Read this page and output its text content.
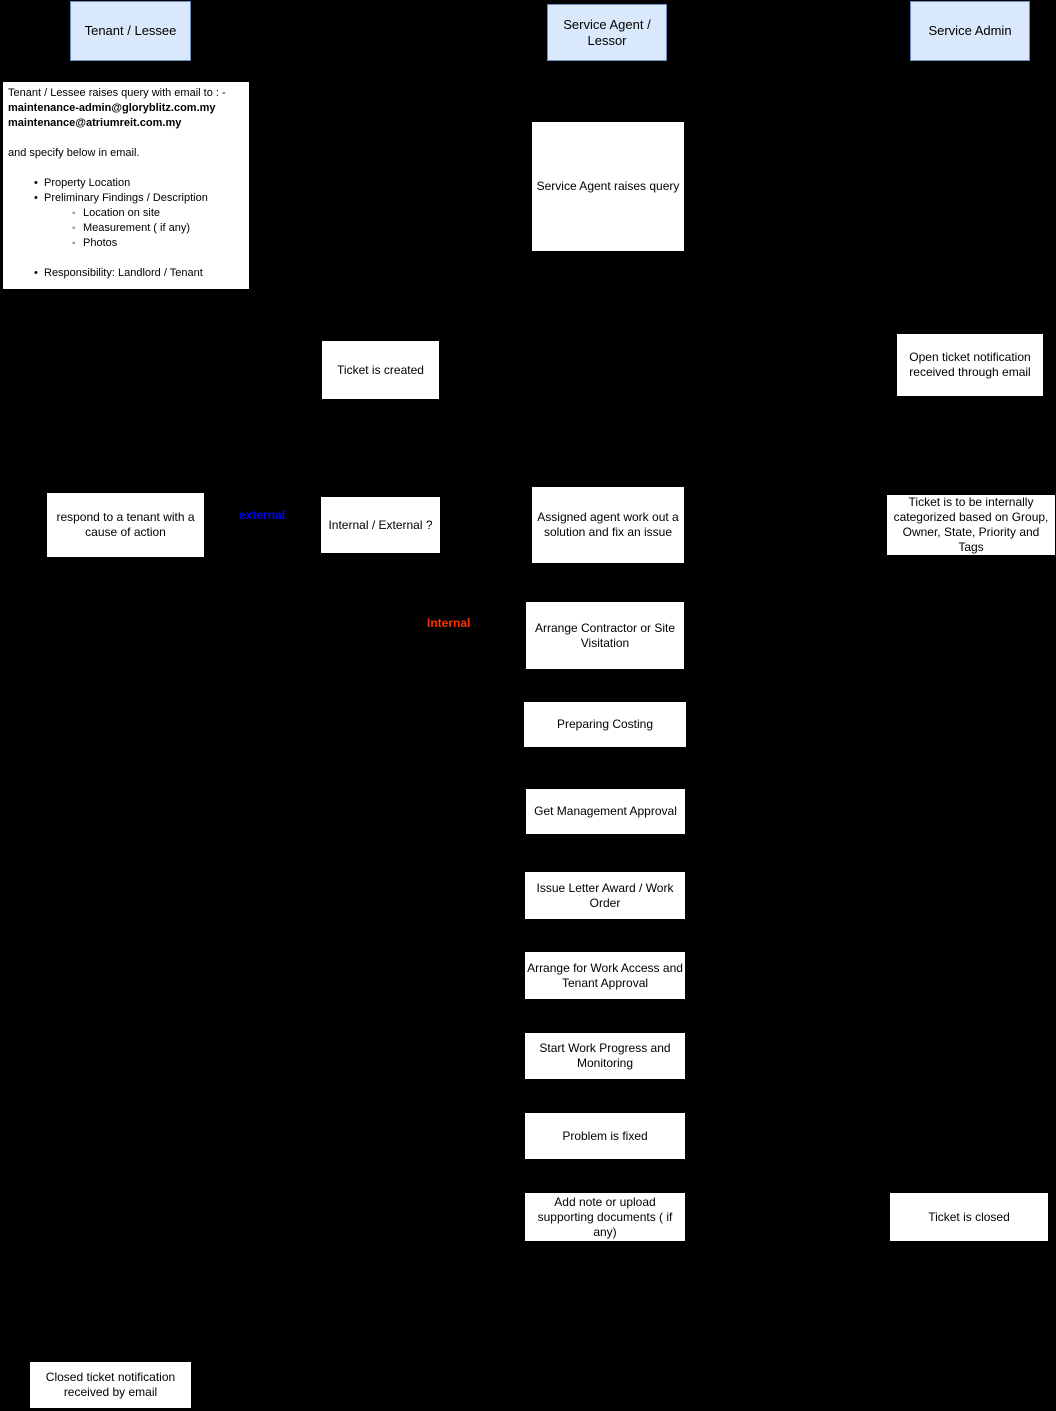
Tenant / Lessee	Service Agent / Lessor
Service Admin
Tenant / Lessee raises query with email to : -
maintenance-admin@gloryblitz.com.my
maintenance@atriumreit.com.my
and specify below in email.
• Property Location
• Preliminary Findings / Description
◦ Location on site
◦ Measurement ( if any)
◦ Photos
• Responsibility: Landlord / Tenant
Service Agent raises query
Ticket is created
Open ticket notification received through email
respond to a tenant with a cause of action
external
Internal / External ?
Assigned agent work out a solution and fix an issue
Ticket is to be internally categorized based on Group, Owner, State, Priority and Tags
Internal	Arrange Contractor or Site Visitation
Preparing Costing
Get Management Approval
Issue Letter Award / Work Order
Arrange for Work Access and Tenant Approval
Start Work Progress and Monitoring
Problem is fixed
Add note or upload supporting documents ( if any)
Ticket is closed
Closed ticket notification received by email
